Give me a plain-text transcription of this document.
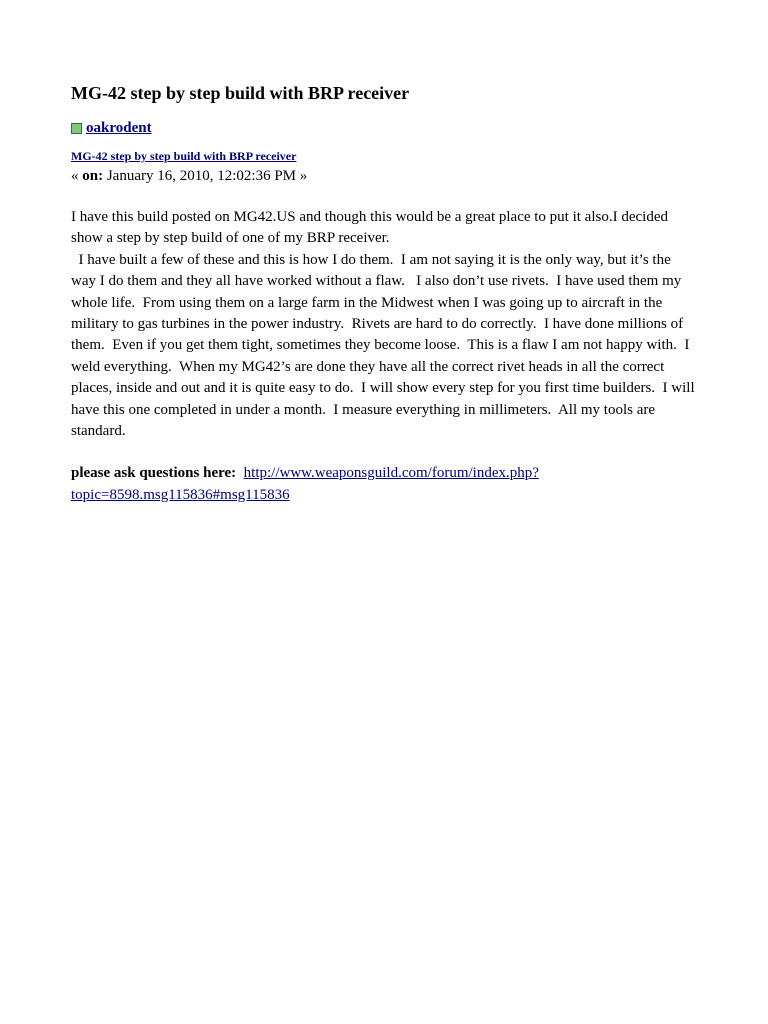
MG-42 step by step build with BRP receiver
oakrodent
MG-42 step by step build with BRP receiver
« on: January 16, 2010, 12:02:36 PM »
I have this build posted on MG42.US and though this would be a great place to put it also.I decided show a step by step build of one of my BRP receiver.
I have built a few of these and this is how I do them.  I am not saying it is the only way, but it’s the way I do them and they all have worked without a flaw.   I also don’t use rivets.  I have used them my whole life.  From using them on a large farm in the Midwest when I was going up to aircraft in the military to gas turbines in the power industry.  Rivets are hard to do correctly.  I have done millions of them.  Even if you get them tight, sometimes they become loose.  This is a flaw I am not happy with.  I weld everything.  When my MG42’s are done they have all the correct rivet heads in all the correct places, inside and out and it is quite easy to do.  I will show every step for you first time builders.  I will have this one completed in under a month.  I measure everything in millimeters.  All my tools are standard.
please ask questions here: http://www.weaponsguild.com/forum/index.php?topic=8598.msg115836#msg115836
